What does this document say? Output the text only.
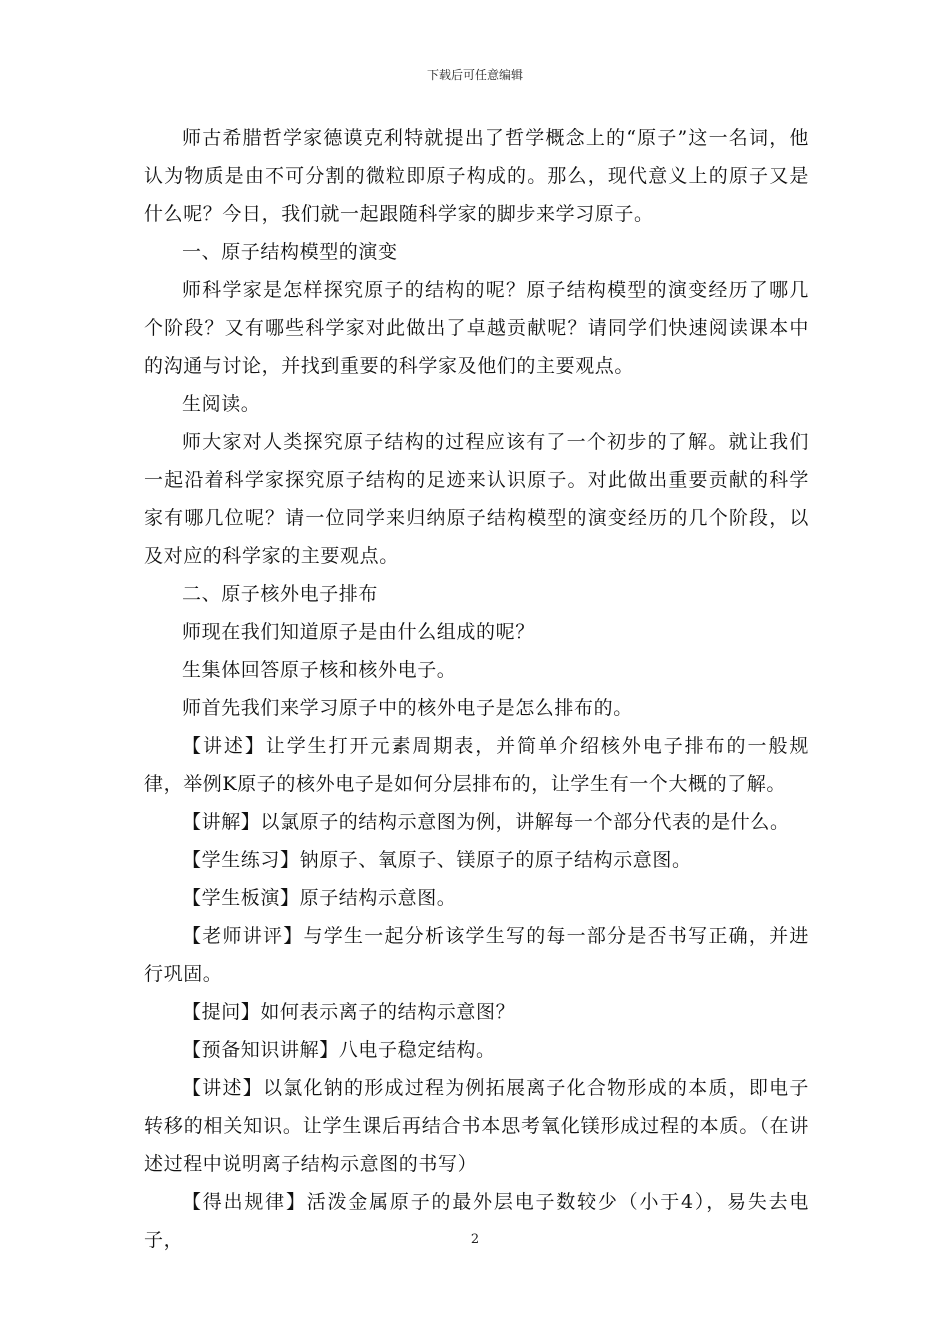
下载后可任意编辑

师古希腊哲学家德谟克利特就提出了哲学概念上的“原子”这一名词，他认为物质是由不可分割的微粒即原子构成的。那么，现代意义上的原子又是什么呢？今日，我们就一起跟随科学家的脚步来学习原子。

一、原子结构模型的演变

师科学家是怎样探究原子的结构的呢？原子结构模型的演变经历了哪几个阶段？又有哪些科学家对此做出了卓越贡献呢？请同学们快速阅读课本中的沟通与讨论，并找到重要的科学家及他们的主要观点。

生阅读。

师大家对人类探究原子结构的过程应该有了一个初步的了解。就让我们一起沿着科学家探究原子结构的足迹来认识原子。对此做出重要贡献的科学家有哪几位呢？请一位同学来归纳原子结构模型的演变经历的几个阶段，以及对应的科学家的主要观点。

二、原子核外电子排布

师现在我们知道原子是由什么组成的呢？

生集体回答原子核和核外电子。

师首先我们来学习原子中的核外电子是怎么排布的。

【讲述】让学生打开元素周期表，并简单介绍核外电子排布的一般规律，举例K原子的核外电子是如何分层排布的，让学生有一个大概的了解。

【讲解】以氯原子的结构示意图为例，讲解每一个部分代表的是什么。

【学生练习】钠原子、氧原子、镁原子的原子结构示意图。

【学生板演】原子结构示意图。

【老师讲评】与学生一起分析该学生写的每一部分是否书写正确，并进行巩固。

【提问】如何表示离子的结构示意图？

【预备知识讲解】八电子稳定结构。

【讲述】以氯化钠的形成过程为例拓展离子化合物形成的本质，即电子转移的相关知识。让学生课后再结合书本思考氧化镁形成过程的本质。（在讲述过程中说明离子结构示意图的书写）

【得出规律】活泼金属原子的最外层电子数较少（小于4），易失去电子，	2
